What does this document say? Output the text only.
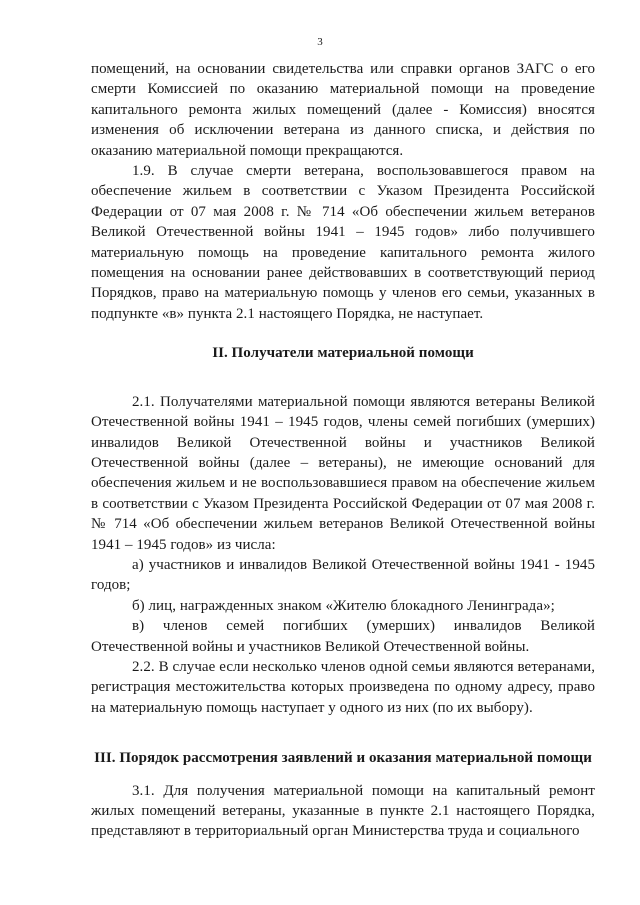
3

помещений, на основании свидетельства или справки органов ЗАГС о его смерти Комиссией по оказанию материальной помощи на проведение капитального ремонта жилых помещений (далее - Комиссия) вносятся изменения об исключении ветерана из данного списка, и действия по оказанию материальной помощи прекращаются.

1.9. В случае смерти ветерана, воспользовавшегося правом на обеспечение жильем в соответствии с Указом Президента Российской Федерации от 07 мая 2008 г. № 714 «Об обеспечении жильем ветеранов Великой Отечественной войны 1941 – 1945 годов» либо получившего материальную помощь на проведение капитального ремонта жилого помещения на основании ранее действовавших в соответствующий период Порядков, право на материальную помощь у членов его семьи, указанных в подпункте «в» пункта 2.1 настоящего Порядка, не наступает.

II. Получатели материальной помощи

2.1. Получателями материальной помощи являются ветераны Великой Отечественной войны 1941 – 1945 годов, члены семей погибших (умерших) инвалидов Великой Отечественной войны и участников Великой Отечественной войны (далее – ветераны), не имеющие оснований для обеспечения жильем и не воспользовавшиеся правом на обеспечение жильем в соответствии с Указом Президента Российской Федерации от 07 мая 2008 г. № 714 «Об обеспечении жильем ветеранов Великой Отечественной войны 1941 – 1945 годов» из числа:

а) участников и инвалидов Великой Отечественной войны 1941 - 1945 годов;

б) лиц, награжденных знаком «Жителю блокадного Ленинграда»;

в) членов семей погибших (умерших) инвалидов Великой Отечественной войны и участников Великой Отечественной войны.

2.2. В случае если несколько членов одной семьи являются ветеранами, регистрация местожительства которых произведена по одному адресу, право на материальную помощь наступает у одного из них (по их выбору).

III. Порядок рассмотрения заявлений и оказания материальной помощи

3.1. Для получения материальной помощи на капитальный ремонт жилых помещений ветераны, указанные в пункте 2.1 настоящего Порядка, представляют в территориальный орган Министерства труда и социального
